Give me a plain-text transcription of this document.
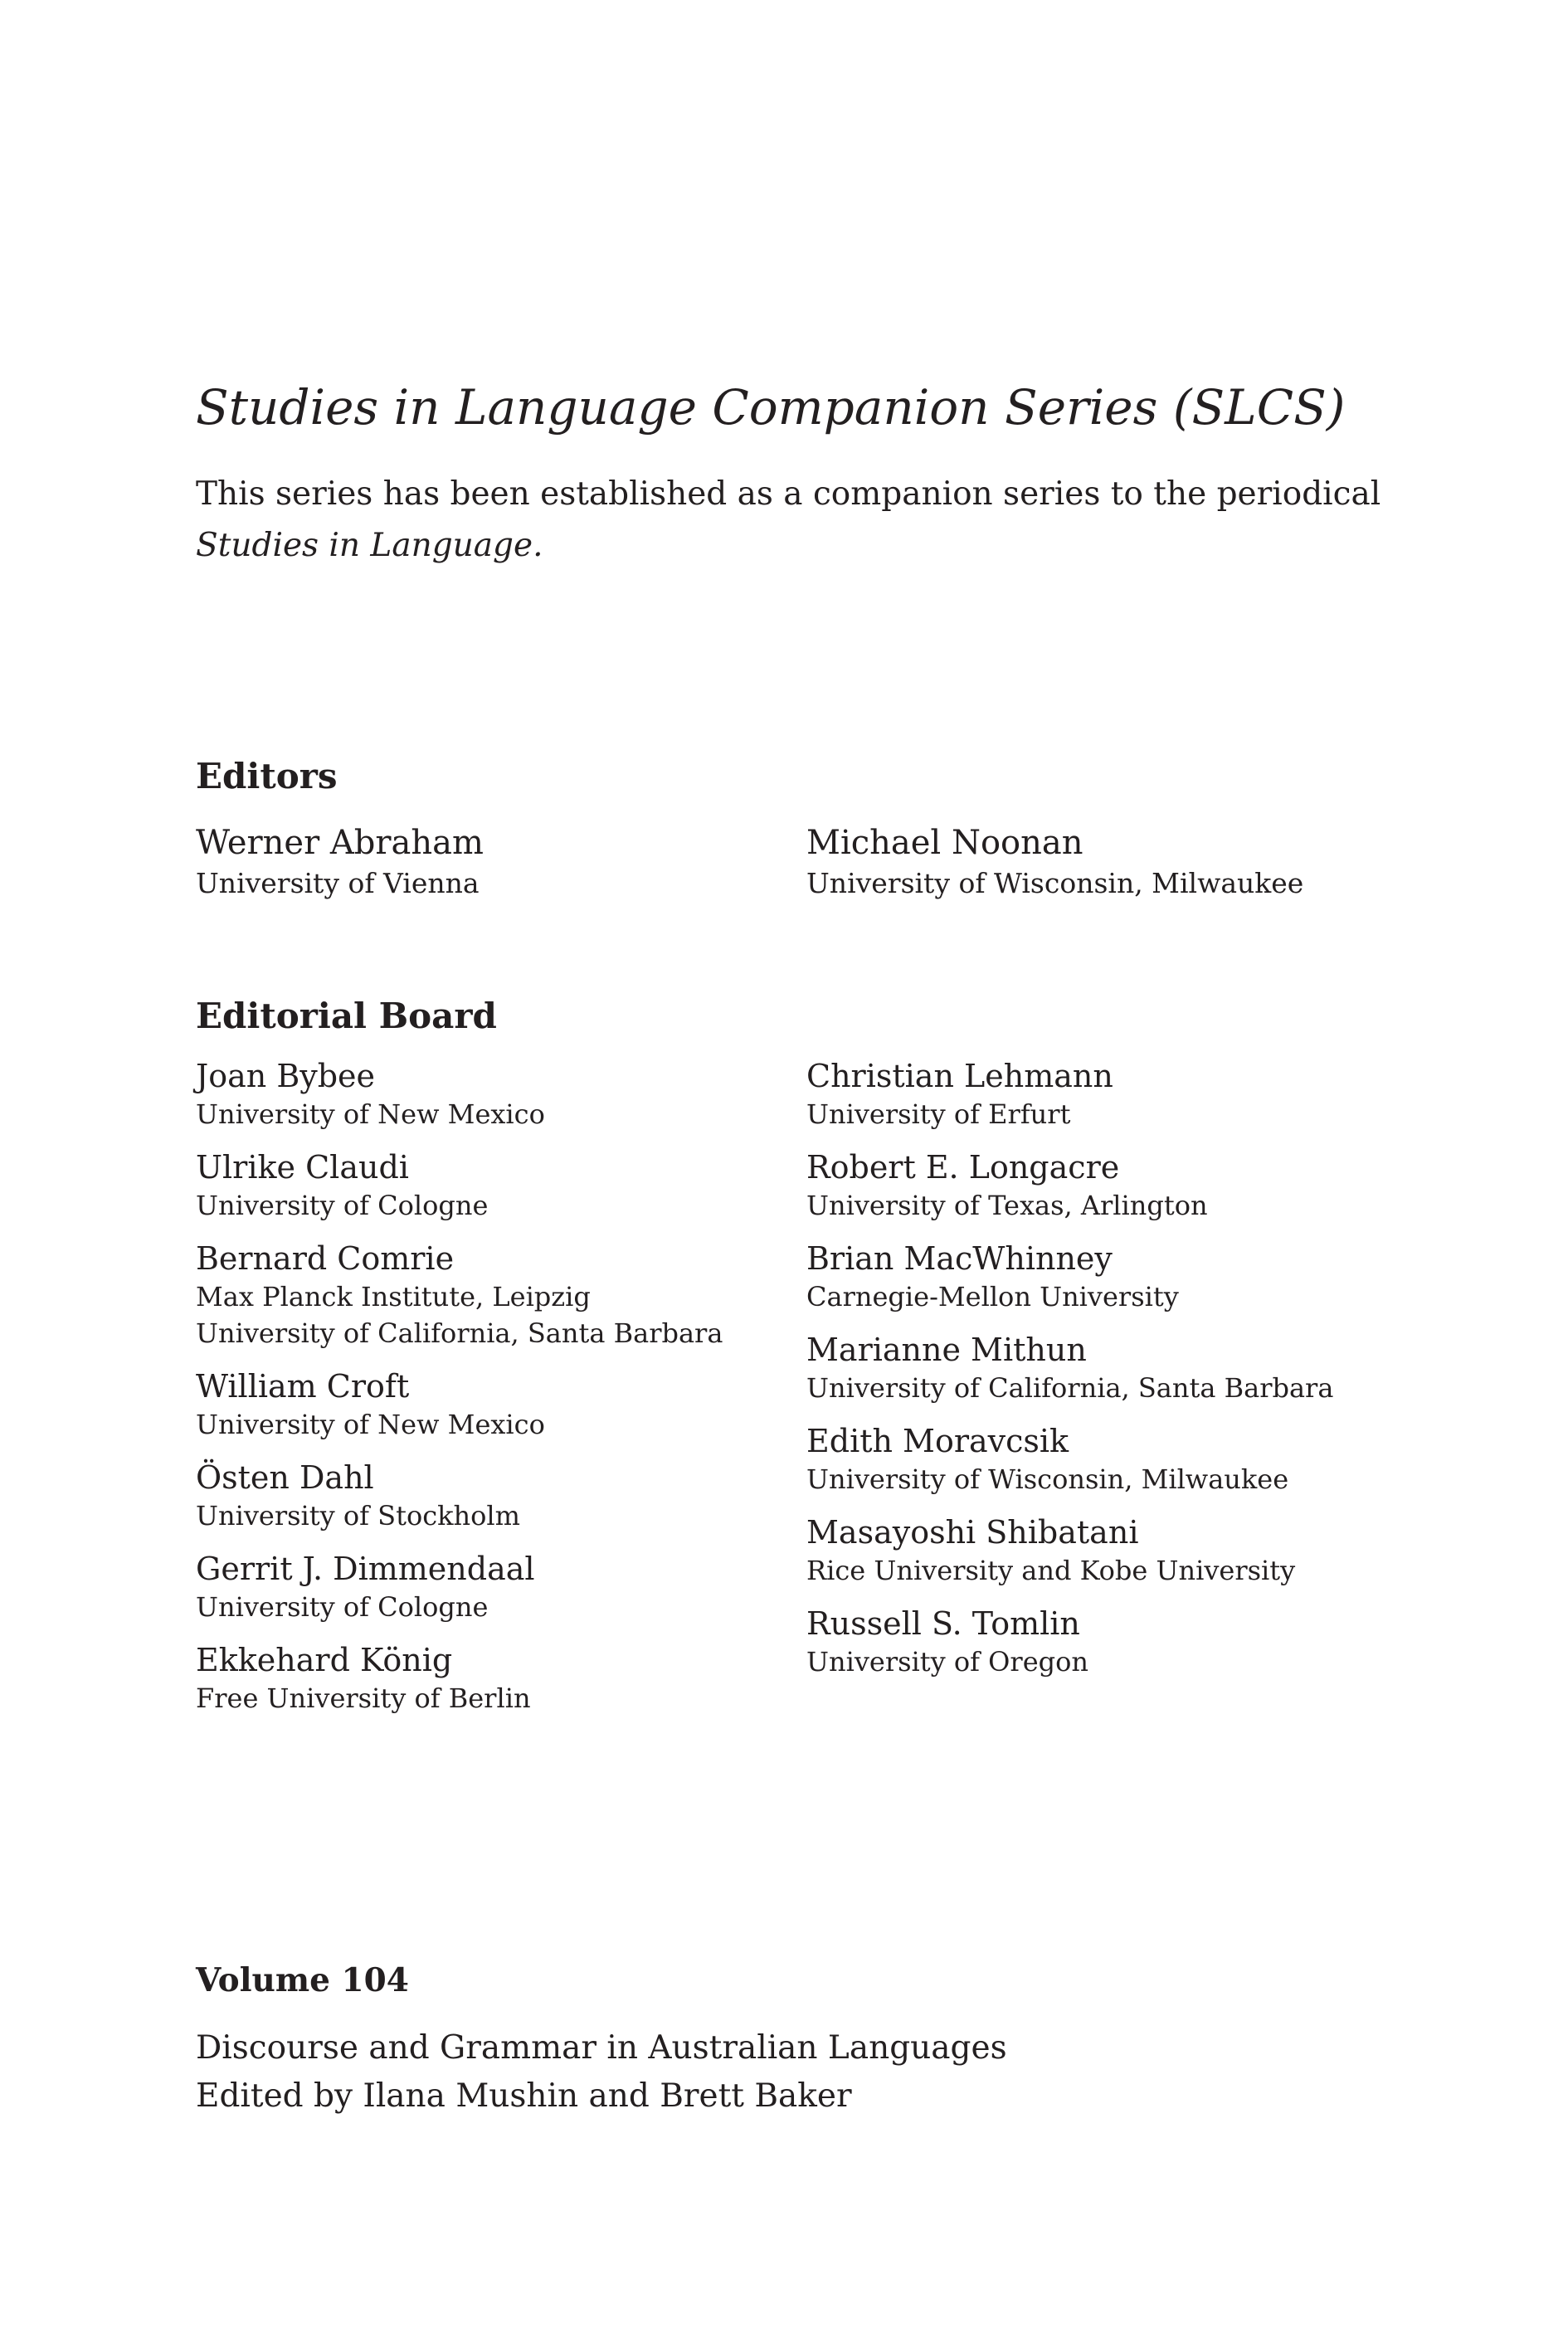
Studies in Language Companion Series (SLCS)

This series has been established as a companion series to the periodical
Studies in Language.

Editors
Werner Abraham
University of Vienna
Michael Noonan
University of Wisconsin, Milwaukee
Editorial Board
Joan Bybee
University of New Mexico
Ulrike Claudi
University of Cologne
Bernard Comrie
Max Planck Institute, Leipzig
University of California, Santa Barbara
William Croft
University of New Mexico
Östen Dahl
University of Stockholm
Gerrit J. Dimmendaal
University of Cologne
Ekkehard König
Free University of Berlin
Christian Lehmann
University of Erfurt
Robert E. Longacre
University of Texas, Arlington
Brian MacWhinney
Carnegie-Mellon University
Marianne Mithun
University of California, Santa Barbara
Edith Moravcsik
University of Wisconsin, Milwaukee
Masayoshi Shibatani
Rice University and Kobe University
Russell S. Tomlin
University of Oregon
Volume 104

Discourse and Grammar in Australian Languages
Edited by Ilana Mushin and Brett Baker
